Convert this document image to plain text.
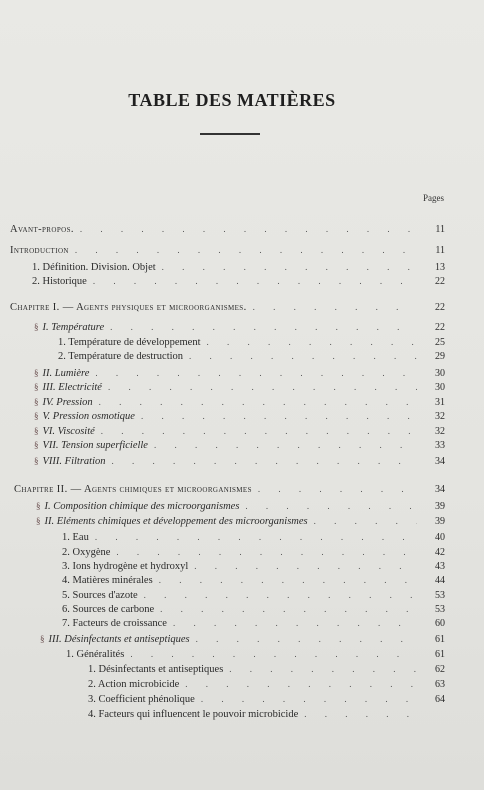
TABLE DES MATIÈRES
Pages
Avant-propos. . . .	11
Introduction . . .	11
1. Définition. Division. Objet . . .	13
2. Historique . . .	22
Chapitre I. — Agents physiques et microorganismes. . . .	22
§ I. Température . . .	22
1. Température de développement . . .	25
2. Température de destruction . . .	29
§ II. Lumière . . .	30
§ III. Electricité . . .	30
§ IV. Pression . . .	31
§ V. Pression osmotique . . .	32
§ VI. Viscosité . . .	32
§ VII. Tension superficielle . . .	33
§ VIII. Filtration . . .	34
Chapitre II. — Agents chimiques et microorganismes . . .	34
§ I. Composition chimique des microorganismes . . .	39
§ II. Eléments chimiques et développement des microorganismes . . .	39
1. Eau . . .	40
2. Oxygène . . .	42
3. Ions hydrogène et hydroxyl . . .	43
4. Matières minérales . . .	44
5. Sources d'azote . . .	53
6. Sources de carbone . . .	53
7. Facteurs de croissance . . .	60
§ III. Désinfectants et antiseptiques . . .	61
1. Généralités . . .	61
1. Désinfectants et antiseptiques . . .	62
2. Action microbicide . . .	63
3. Coefficient phénolique . . .	64
4. Facteurs qui influencent le pouvoir microbicide
. . .
